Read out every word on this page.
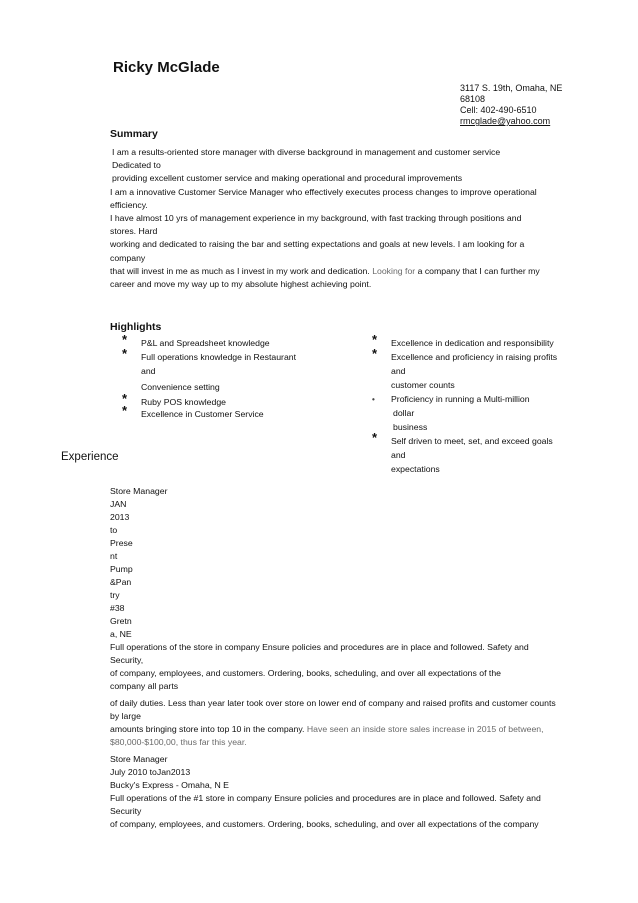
Ricky McGlade
3117 S. 19th, Omaha, NE
68108
Cell: 402-490-6510
rmcglade@yahoo.com
Summary
I am a results-oriented store manager with diverse background in management and customer service
Dedicated to
providing excellent customer service and making operational and procedural improvements
I am a innovative Customer Service Manager who effectively executes process changes to improve operational
efficiency.
I have almost 10 yrs of management experience in my background, with fast tracking through positions and
stores. Hard
working and dedicated to raising the bar and setting expectations and goals at new levels. I am looking for a
company
that will invest in me as much as I invest in my work and dedication. Looking for a company that I can further my
career and move my way up to my absolute highest achieving point.
Highlights
* P&L and Spreadsheet knowledge
* Full operations knowledge in Restaurant
and
Convenience setting
* Ruby POS knowledge
* Excellence in Customer Service
* Excellence in dedication and responsibility
* Excellence and proficiency in raising profits
and
customer counts
• Proficiency in running a Multi-million
dollar
business
* Self driven to meet, set, and exceed goals
and
expectations
Experience
Store Manager
JAN
2013
to
Prese
nt
Pump
&Pan
try
#38
Gretn
a, NE
Full operations of the store in company Ensure policies and procedures are in place and followed. Safety and
Security,
of company, employees, and customers. Ordering, books, scheduling, and over all expectations of the
company all parts
of daily duties. Less than year later took over store on lower end of company and raised profits and customer counts
by large
amounts bringing store into top 10 in the company. Have seen an inside store sales increase in 2015 of between,
$80,000-$100,00, thus far this year.
Store Manager
July 2010 toJan2013
Bucky's Express - Omaha, N E
Full operations of the #1 store in company Ensure policies and procedures are in place and followed. Safety and
Security
of company, employees, and customers. Ordering, books, scheduling, and over all expectations of the company
